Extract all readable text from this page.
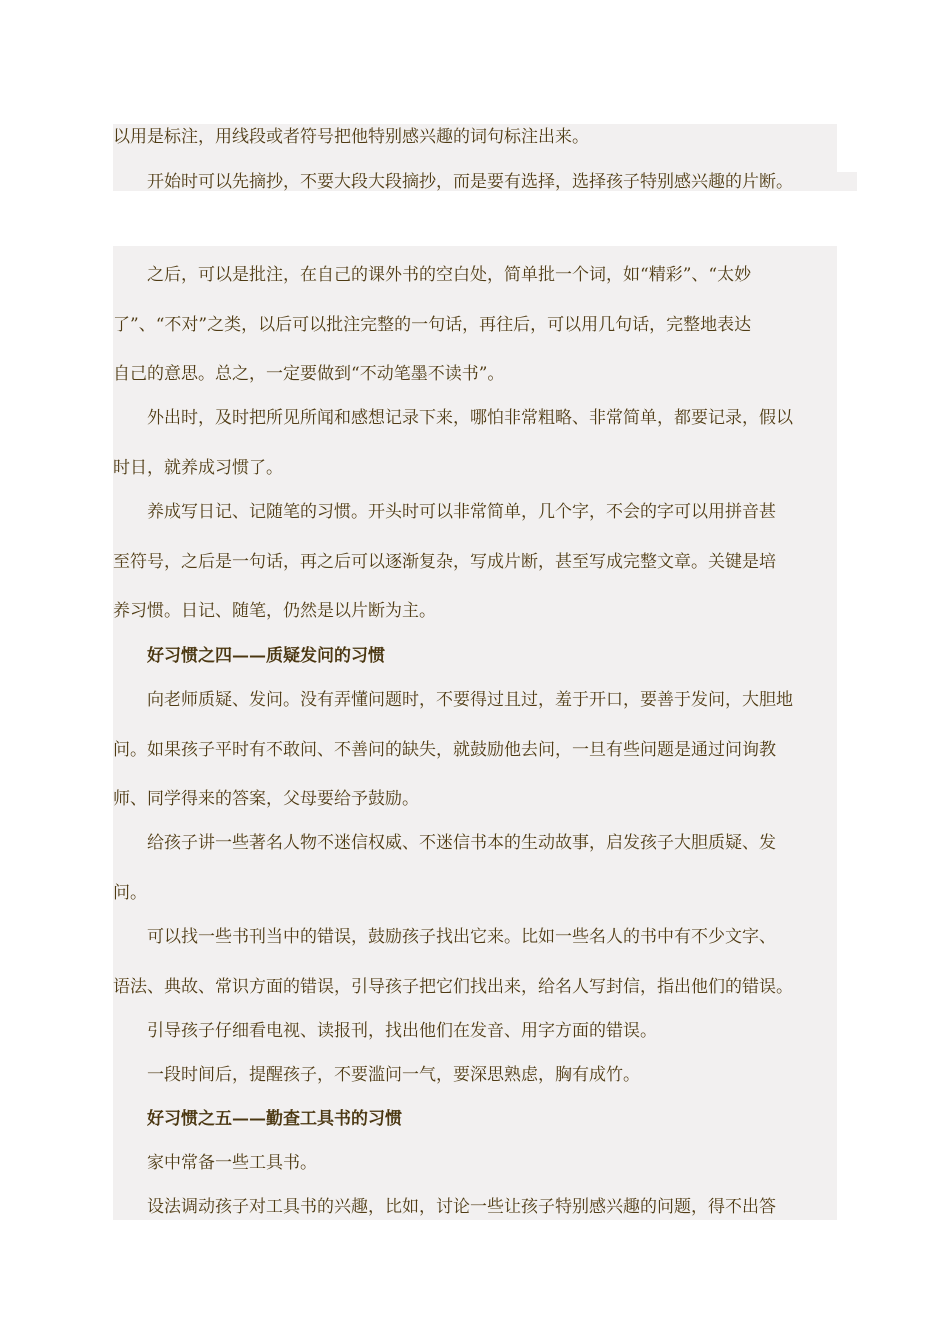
以用是标注，用线段或者符号把他特别感兴趣的词句标注出来。
开始时可以先摘抄，不要大段大段摘抄，而是要有选择，选择孩子特别感兴趣的片断。
之后，可以是批注，在自己的课外书的空白处，简单批一个词，如“精彩”、“太妙
了”、“不对”之类，以后可以批注完整的一句话，再往后，可以用几句话，完整地表达
自己的意思。总之，一定要做到“不动笔墨不读书”。
外出时，及时把所见所闻和感想记录下来，哪怕非常粗略、非常简单，都要记录，假以
时日，就养成习惯了。
养成写日记、记随笔的习惯。开头时可以非常简单，几个字，不会的字可以用拼音甚
至符号，之后是一句话，再之后可以逐渐复杂，写成片断，甚至写成完整文章。关键是培
养习惯。日记、随笔，仍然是以片断为主。
好习惯之四——质疑发问的习惯
向老师质疑、发问。没有弄懂问题时，不要得过且过，羞于开口，要善于发问，大胆地
问。如果孩子平时有不敢问、不善问的缺失，就鼓励他去问，一旦有些问题是通过问询教
师、同学得来的答案，父母要给予鼓励。
给孩子讲一些著名人物不迷信权威、不迷信书本的生动故事，启发孩子大胆质疑、发
问。
可以找一些书刊当中的错误，鼓励孩子找出它来。比如一些名人的书中有不少文字、
语法、典故、常识方面的错误，引导孩子把它们找出来，给名人写封信，指出他们的错误。
引导孩子仔细看电视、读报刊，找出他们在发音、用字方面的错误。
一段时间后，提醒孩子，不要滥问一气，要深思熟虑，胸有成竹。
好习惯之五——勤查工具书的习惯
家中常备一些工具书。
设法调动孩子对工具书的兴趣，比如，讨论一些让孩子特别感兴趣的问题，得不出答
